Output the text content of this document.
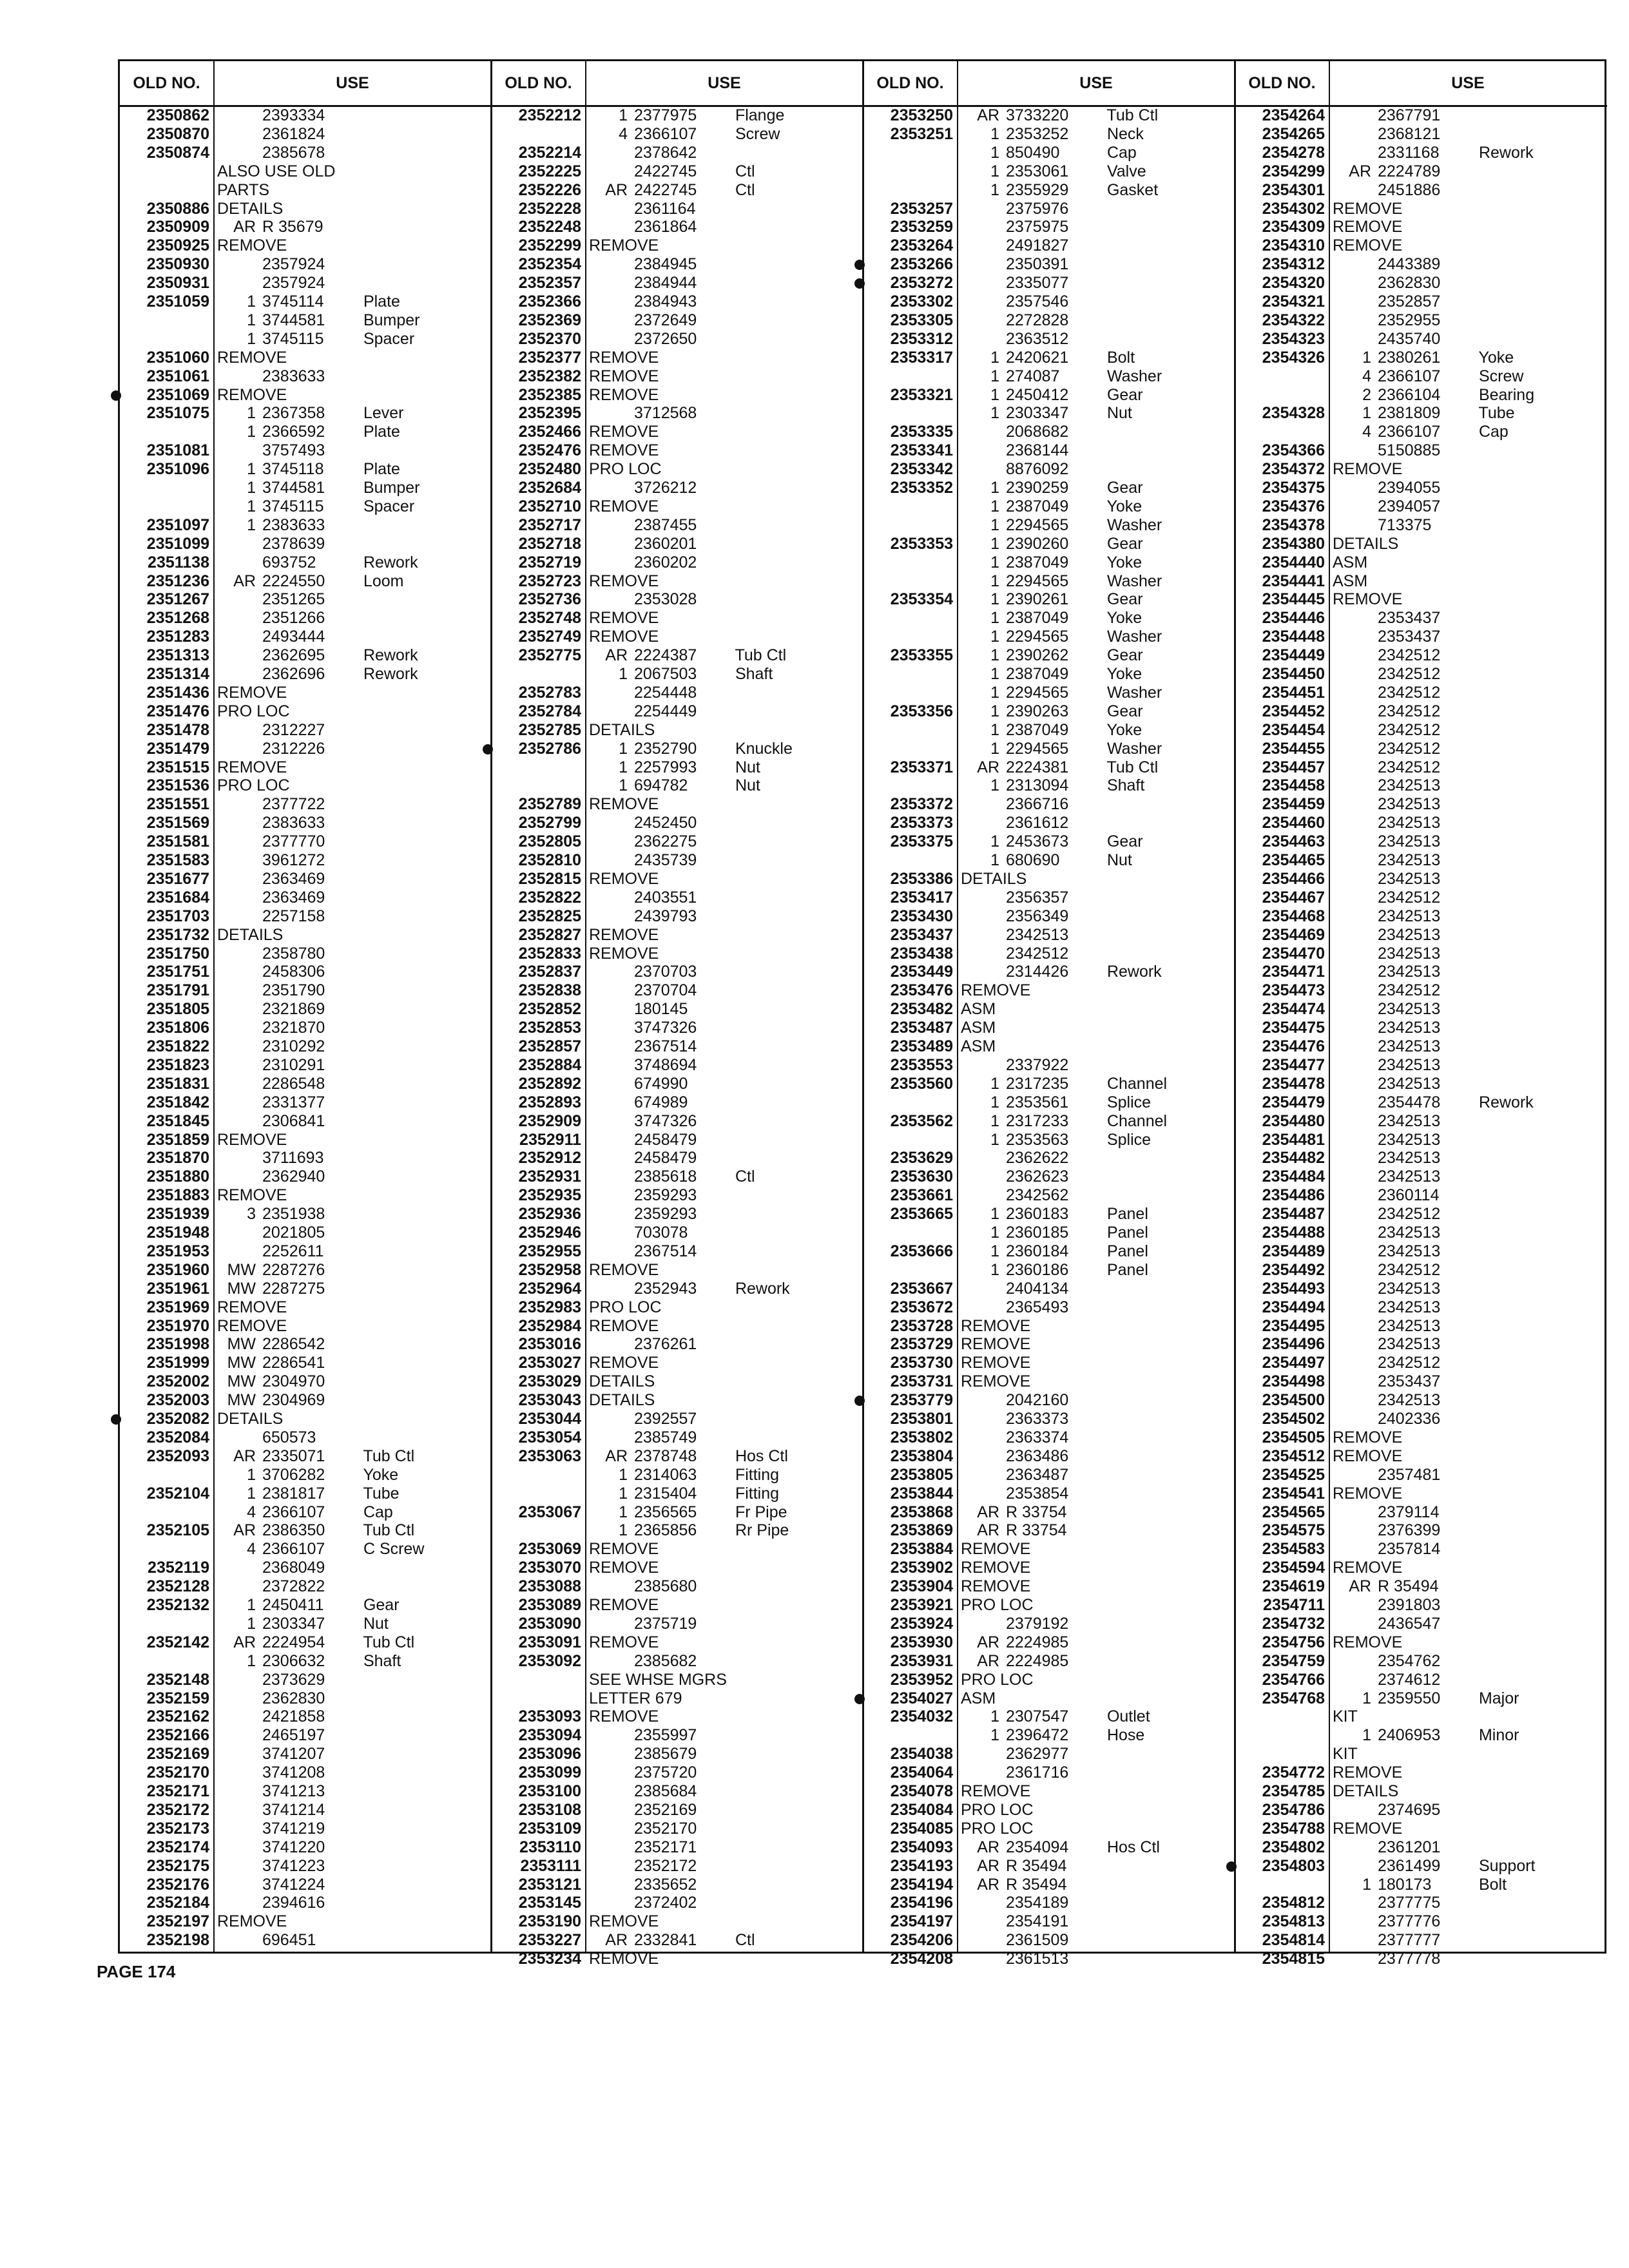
OLD NO.	USE
2350862	2393334
2350870	2361824
2350874	2385678
ALSO USE OLD
PARTS
2350886 DETAILS
2350909	AR R 35679
2350925 REMOVE
2350930	2357924
2350931	2357924
2351059	1 3745114 Plate
1 3744581 Bumper
1 3745115 Spacer
2351060 REMOVE
2351061	2383633
2351069 REMOVE
2351075	1 2367358 Lever
1 2366592 Plate
2351081	3757493
2351096	1 3745118 Plate
1 3744581 Bumper
1 3745115 Spacer
2351097	1 2383633
2351099	2378639
2351138	693752	Rework
2351236	AR 2224550 Loom
2351267	2351265
2351268	2351266
2351283	2493444
2351313	2362695 Rework
2351314	2362696 Rework
2351436 REMOVE
2351476 PRO LOC
2351478	2312227
2351479	2312226
2351515 REMOVE
2351536 PRO LOC
2351551	2377722
2351569	2383633
2351581	2377770
2351583	3961272
2351677	2363469
2351684	2363469
2351703	2257158
2351732 DETAILS
2351750	2358780
2351751	2458306
2351791	2351790
2351805	2321869
2351806	2321870
2351822	2310292
2351823	2310291
2351831	2286548
2351842	2331377
2351845	2306841
2351859 REMOVE
2351870	3711693
2351880	2362940
2351883 REMOVE
2351939	3 2351938
2351948	2021805
2351953	2252611
2351960	MW 2287276
2351961	MW 2287275
2351969 REMOVE
2351970 REMOVE
2351998	MW 2286542
2351999	MW 2286541
2352002	MW 2304970
2352003	MW 2304969
2352082 DETAILS
2352084	650573
2352093	AR 2335071 Tub Ctl
1 3706282 Yoke
2352104	1 2381817 Tube
4 2366107 Cap
2352105	AR 2386350 Tub Ctl
4 2366107 C Screw
2352119	2368049
2352128	2372822
2352132	1 2450411 Gear
1 2303347 Nut
2352142	AR 2224954 Tub Ctl
1 2306632 Shaft
2352148	2373629
2352159	2362830
2352162	2421858
2352166	2465197
2352169	3741207
2352170	3741208
2352171	3741213
2352172	3741214
2352173	3741219
2352174	3741220
2352175	3741223
2352176	3741224
2352184	2394616
2352197 REMOVE
2352198	696451
OLD NO.	USE
2352212	1 2377975 Flange
4 2366107 Screw
2352214	2378642
2352225	2422745 Ctl
2352226	AR 2422745 Ctl
2352228	2361164
2352248	2361864
2352299 REMOVE
2352354	2384945
2352357	2384944
2352366	2384943
2352369	2372649
2352370	2372650
2352377 REMOVE
2352382 REMOVE
2352385 REMOVE
2352395	3712568
2352466 REMOVE
2352476 REMOVE
2352480 PRO LOC
2352684	3726212
2352710 REMOVE
2352717	2387455
2352718	2360201
2352719	2360202
2352723 REMOVE
2352736	2353028
2352748 REMOVE
2352749 REMOVE
2352775	AR 2224387 Tub Ctl
1 2067503 Shaft
2352783	2254448
2352784	2254449
2352785 DETAILS
2352786	1 2352790 Knuckle
1 2257993 Nut
1 694782	Nut
2352789 REMOVE
2352799	2452450
2352805	2362275
2352810	2435739
2352815 REMOVE
2352822	2403551
2352825	2439793
2352827 REMOVE
2352833 REMOVE
2352837	2370703
2352838	2370704
2352852	180145
2352853	3747326
2352857	2367514
2352884	3748694
2352892	674990
2352893	674989
2352909	3747326
2352911	2458479
2352912	2458479
2352931	2385618 Ctl
2352935	2359293
2352936	2359293
2352946	703078
2352955	2367514
2352958 REMOVE
2352964	2352943 Rework
2352983 PRO LOC
2352984 REMOVE
2353016	2376261
2353027 REMOVE
2353029 DETAILS
2353043 DETAILS
2353044	2392557
2353054	2385749
2353063	AR 2378748 Hos Ctl
1 2314063 Fitting
1 2315404 Fitting
2353067	1 2356565 Fr Pipe
1 2365856 Rr Pipe
2353069 REMOVE
2353070 REMOVE
2353088	2385680
2353089 REMOVE
2353090	2375719
2353091 REMOVE
2353092	2385682
SEE WHSE MGRS
LETTER 679
2353093 REMOVE
2353094	2355997
2353096	2385679
2353099	2375720
2353100	2385684
2353108	2352169
2353109	2352170
2353110	2352171
2353111	2352172
2353121	2335652
2353145	2372402
2353190 REMOVE
2353227	AR 2332841 Ctl
2353234 REMOVE
OLD NO.	USE
2353250	AR 3733220 Tub Ctl
2353251	1 2353252 Neck
1 850490	Cap
1 2353061 Valve
1 2355929 Gasket
2353257	2375976
2353259	2375975
2353264	2491827
2353266	2350391
2353272	2335077
2353302	2357546
2353305	2272828
2353312	2363512
2353317	1 2420621 Bolt
1 274087	Washer
2353321	1 2450412 Gear
1 2303347 Nut
2353335	2068682
2353341	2368144
2353342	8876092
2353352	1 2390259 Gear
1 2387049 Yoke
1 2294565 Washer
2353353	1 2390260 Gear
1 2387049 Yoke
1 2294565 Washer
2353354	1 2390261 Gear
1 2387049 Yoke
1 2294565 Washer
2353355	1 2390262 Gear
1 2387049 Yoke
1 2294565 Washer
2353356	1 2390263 Gear
1 2387049 Yoke
1 2294565 Washer
2353371	AR 2224381 Tub Ctl
1 2313094 Shaft
2353372	2366716
2353373	2361612
2353375	1 2453673 Gear
1 680690	Nut
2353386 DETAILS
2353417	2356357
2353430	2356349
2353437	2342513
2353438	2342512
2353449	2314426 Rework
2353476 REMOVE
2353482 ASM
2353487 ASM
2353489 ASM
2353553	2337922
2353560	1 2317235 Channel
1 2353561 Splice
2353562	1 2317233 Channel
1 2353563 Splice
2353629	2362622
2353630	2362623
2353661	2342562
2353665	1 2360183 Panel
1 2360185 Panel
2353666	1 2360184 Panel
1 2360186 Panel
2353667	2404134
2353672	2365493
2353728 REMOVE
2353729 REMOVE
2353730 REMOVE
2353731 REMOVE
2353779	2042160
2353801	2363373
2353802	2363374
2353804	2363486
2353805	2363487
2353844	2353854
2353868	AR R 33754
2353869	AR R 33754
2353884 REMOVE
2353902 REMOVE
2353904 REMOVE
2353921 PRO LOC
2353924	2379192
2353930	AR 2224985
2353931	AR 2224985
2353952 PRO LOC
2354027 ASM
2354032	1 2307547 Outlet
1 2396472 Hose
2354038	2362977
2354064	2361716
2354078 REMOVE
2354084 PRO LOC
2354085 PRO LOC
2354093	AR 2354094 Hos Ctl
2354193	AR R 35494
2354194	AR R 35494
2354196	2354189
2354197	2354191
2354206	2361509
2354208	2361513
OLD NO.	USE
2354264	2367791
2354265	2368121
2354278	2331168 Rework
2354299	AR 2224789
2354301	2451886
2354302 REMOVE
2354309 REMOVE
2354310 REMOVE
2354312	2443389
2354320	2362830
2354321	2352857
2354322	2352955
2354323	2435740
2354326	1 2380261 Yoke
4 2366107 Screw
2 2366104 Bearing
2354328	1 2381809 Tube
4 2366107 Cap
2354366	5150885
2354372 REMOVE
2354375	2394055
2354376	2394057
2354378	713375
2354380 DETAILS
2354440 ASM
2354441 ASM
2354445 REMOVE
2354446	2353437
2354448	2353437
2354449	2342512
2354450	2342512
2354451	2342512
2354452	2342512
2354454	2342512
2354455	2342512
2354457	2342512
2354458	2342513
2354459	2342513
2354460	2342513
2354463	2342513
2354465	2342513
2354466	2342513
2354467	2342512
2354468	2342513
2354469	2342513
2354470	2342513
2354471	2342513
2354473	2342512
2354474	2342513
2354475	2342513
2354476	2342513
2354477	2342513
2354478	2342513
2354479	2354478 Rework
2354480	2342513
2354481	2342513
2354482	2342513
2354484	2342513
2354486	2360114
2354487	2342512
2354488	2342513
2354489	2342513
2354492	2342512
2354493	2342513
2354494	2342513
2354495	2342513
2354496	2342513
2354497	2342512
2354498	2353437
2354500	2342513
2354502	2402336
2354505 REMOVE
2354512 REMOVE
2354525	2357481
2354541 REMOVE
2354565	2379114
2354575	2376399
2354583	2357814
2354594 REMOVE
2354619	AR R 35494
2354711	2391803
2354732	2436547
2354756 REMOVE
2354759	2354762
2354766	2374612
2354768	1 2359550 Major
KIT
1 2406953 Minor
KIT
2354772 REMOVE
2354785 DETAILS
2354786	2374695
2354788 REMOVE
2354802	2361201
2354803	2361499 Support
1 180173	Bolt
2354812	2377775
2354813	2377776
2354814	2377777
2354815	2377778
PAGE 174
